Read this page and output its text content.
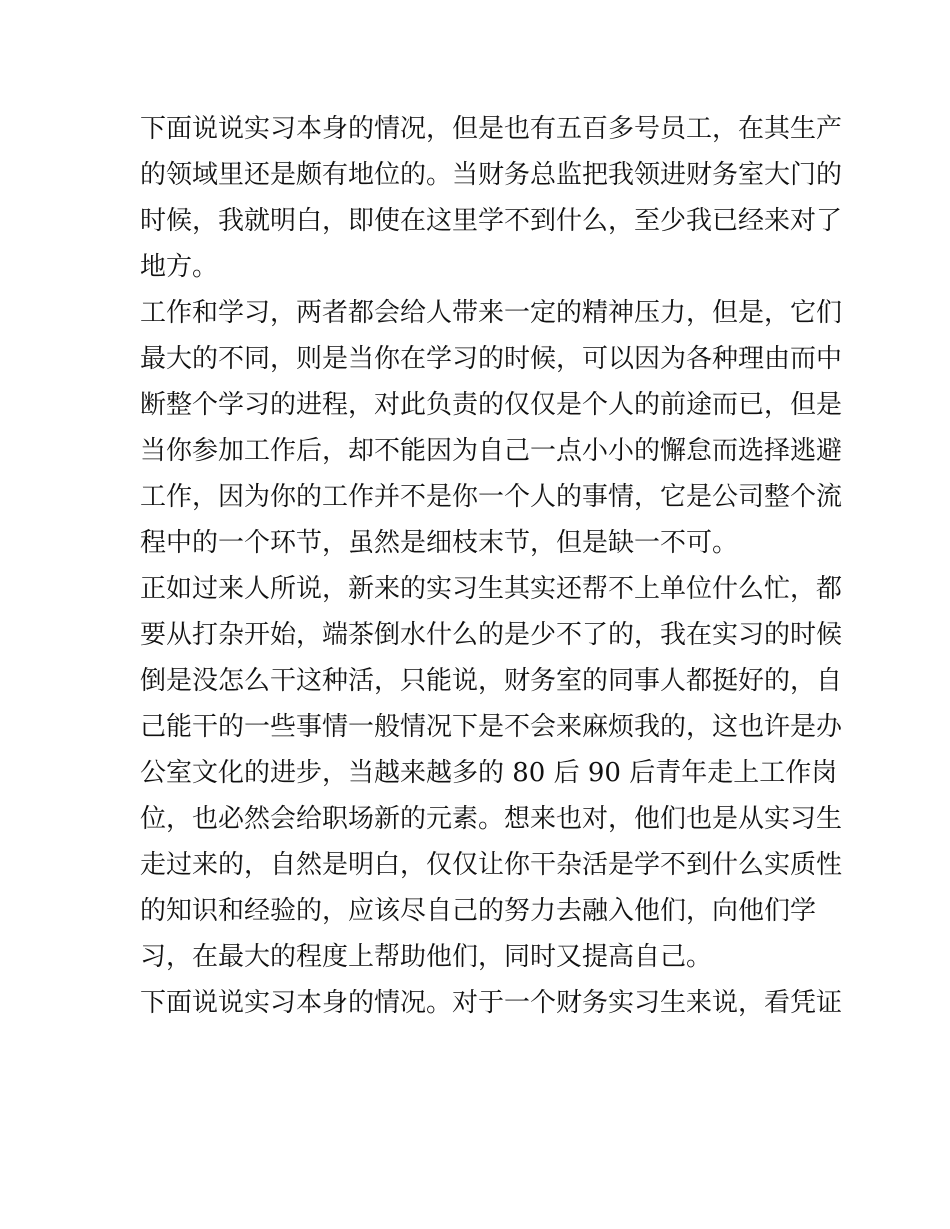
下面说说实习本身的情况，但是也有五百多号员工，在其生产
的领域里还是颇有地位的。当财务总监把我领进财务室大门的
时候，我就明白，即使在这里学不到什么，至少我已经来对了
地方。
工作和学习，两者都会给人带来一定的精神压力，但是，它们
最大的不同，则是当你在学习的时候，可以因为各种理由而中
断整个学习的进程，对此负责的仅仅是个人的前途而已，但是
当你参加工作后，却不能因为自己一点小小的懈怠而选择逃避
工作，因为你的工作并不是你一个人的事情，它是公司整个流
程中的一个环节，虽然是细枝末节，但是缺一不可。
正如过来人所说，新来的实习生其实还帮不上单位什么忙，都
要从打杂开始，端茶倒水什么的是少不了的，我在实习的时候
倒是没怎么干这种活，只能说，财务室的同事人都挺好的，自
己能干的一些事情一般情况下是不会来麻烦我的，这也许是办
公室文化的进步，当越来越多的 80 后 90 后青年走上工作岗
位，也必然会给职场新的元素。想来也对，他们也是从实习生
走过来的，自然是明白，仅仅让你干杂活是学不到什么实质性
的知识和经验的，应该尽自己的努力去融入他们，向他们学
习，在最大的程度上帮助他们，同时又提高自己。
下面说说实习本身的情况。对于一个财务实习生来说，看凭证
